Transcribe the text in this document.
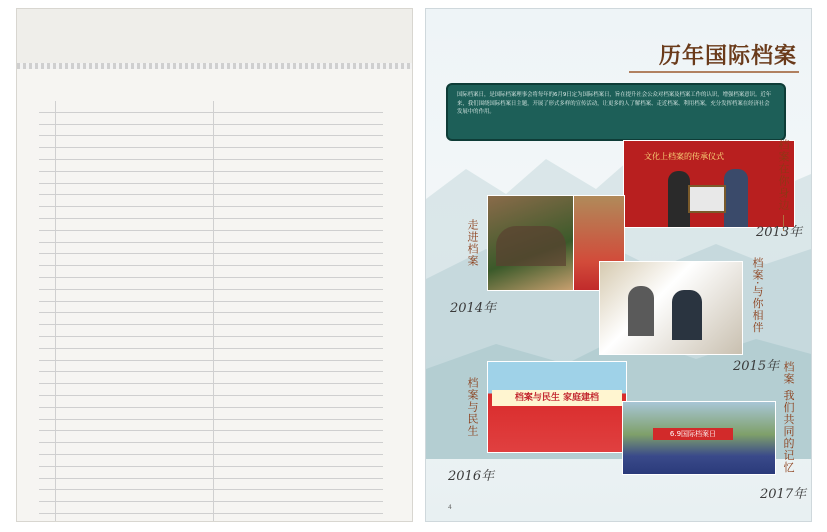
历年国际档案
国际档案日，是国际档案理事会将每年的6月9日定为国际档案日，旨在提升社会公众对档案及档案工作的认识，增强档案意识。近年来，我们围绕国际档案日主题，开展了形式多样的宣传活动，让更多的人了解档案、走近档案、利用档案，充分发挥档案在经济社会发展中的作用。
文化上档案的传承仪式	档案在你身边
2013年
走进档案
2014年	档案·与你相伴
2015年
档案与民生 家庭建档
档案与民生
2016年
6.9国际档案日	档案 我们共同的记忆
2017年
4
